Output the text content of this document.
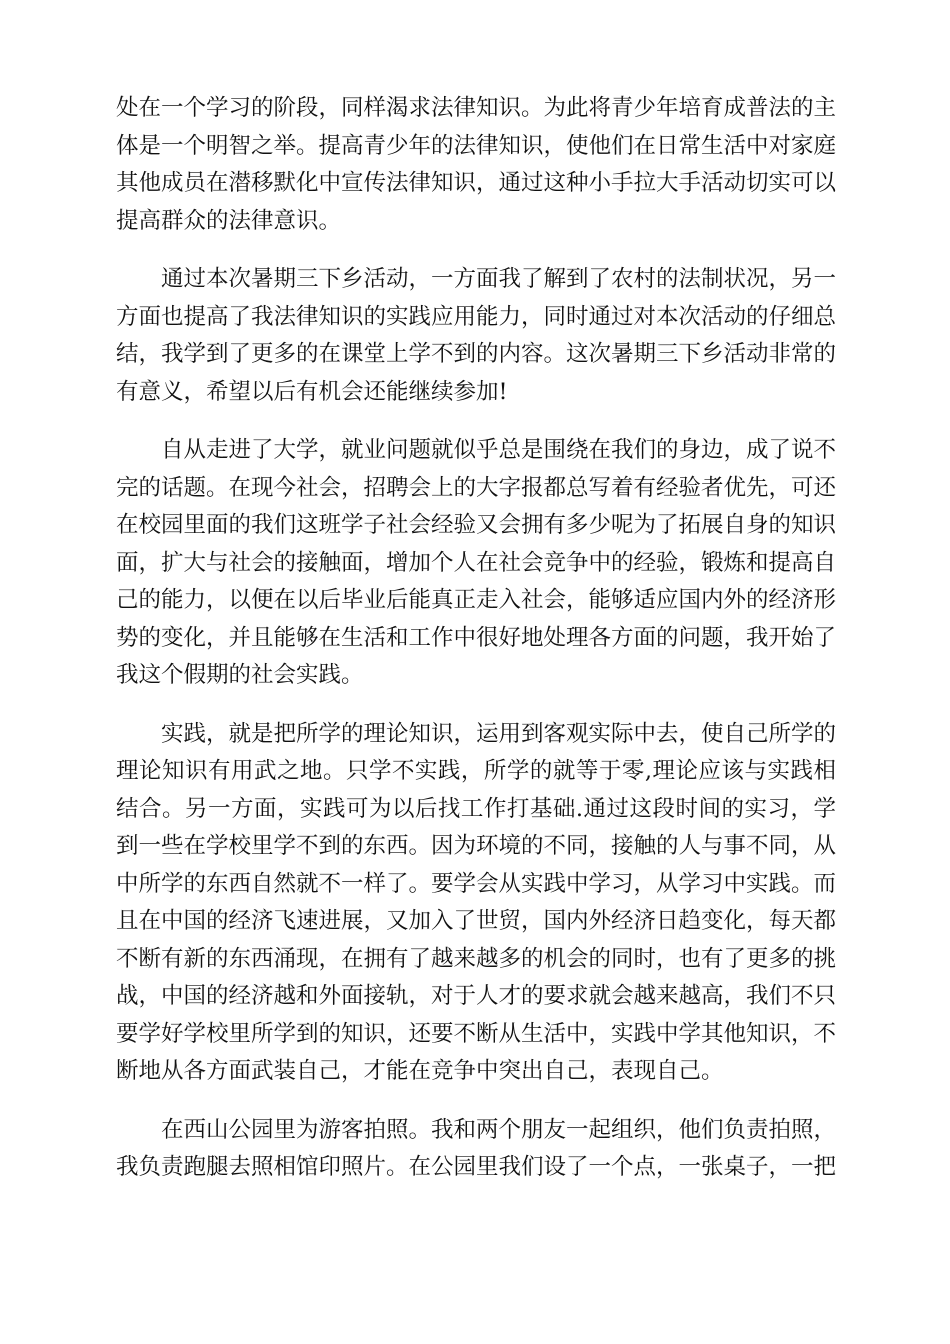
处在一个学习的阶段，同样渴求法律知识。为此将青少年培育成普法的主体是一个明智之举。提高青少年的法律知识，使他们在日常生活中对家庭其他成员在潜移默化中宣传法律知识，通过这种小手拉大手活动切实可以提高群众的法律意识。

通过本次暑期三下乡活动，一方面我了解到了农村的法制状况，另一方面也提高了我法律知识的实践应用能力，同时通过对本次活动的仔细总结，我学到了更多的在课堂上学不到的内容。这次暑期三下乡活动非常的有意义，希望以后有机会还能继续参加!

自从走进了大学，就业问题就似乎总是围绕在我们的身边，成了说不完的话题。在现今社会，招聘会上的大字报都总写着有经验者优先，可还在校园里面的我们这班学子社会经验又会拥有多少呢为了拓展自身的知识面，扩大与社会的接触面，增加个人在社会竞争中的经验，锻炼和提高自己的能力，以便在以后毕业后能真正走入社会，能够适应国内外的经济形势的变化，并且能够在生活和工作中很好地处理各方面的问题，我开始了我这个假期的社会实践。

实践，就是把所学的理论知识，运用到客观实际中去，使自己所学的理论知识有用武之地。只学不实践，所学的就等于零,理论应该与实践相结合。另一方面，实践可为以后找工作打基础.通过这段时间的实习，学到一些在学校里学不到的东西。因为环境的不同，接触的人与事不同，从中所学的东西自然就不一样了。要学会从实践中学习，从学习中实践。而且在中国的经济飞速进展，又加入了世贸，国内外经济日趋变化，每天都不断有新的东西涌现，在拥有了越来越多的机会的同时，也有了更多的挑战，中国的经济越和外面接轨，对于人才的要求就会越来越高，我们不只要学好学校里所学到的知识，还要不断从生活中，实践中学其他知识，不断地从各方面武装自己，才能在竞争中突出自己，表现自己。

在西山公园里为游客拍照。我和两个朋友一起组织，他们负责拍照，我负责跑腿去照相馆印照片。在公园里我们设了一个点，一张桌子，一把
